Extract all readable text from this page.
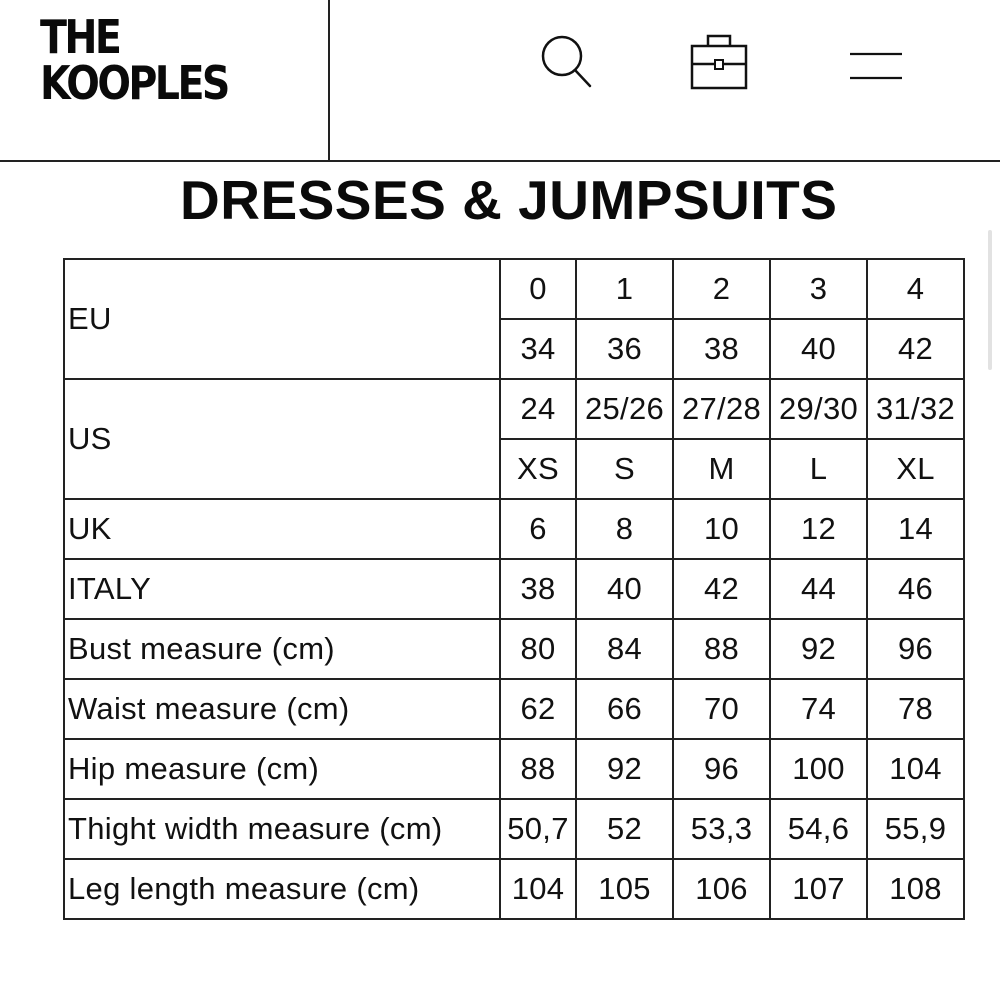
THE
KOOPLES
DRESSES & JUMPSUITS
EU	0	1	2	3	4
	34	36	38	40	42
US	24	25/26	27/28	29/30	31/32
	XS	S	M	L	XL
UK	6	8	10	12	14
ITALY	38	40	42	44	46
Bust measure (cm)	80	84	88	92	96
Waist measure (cm)	62	66	70	74	78
Hip measure (cm)	88	92	96	100	104
Thight width measure (cm)	50,7	52	53,3	54,6	55,9
Leg length measure (cm)	104	105	106	107	108
